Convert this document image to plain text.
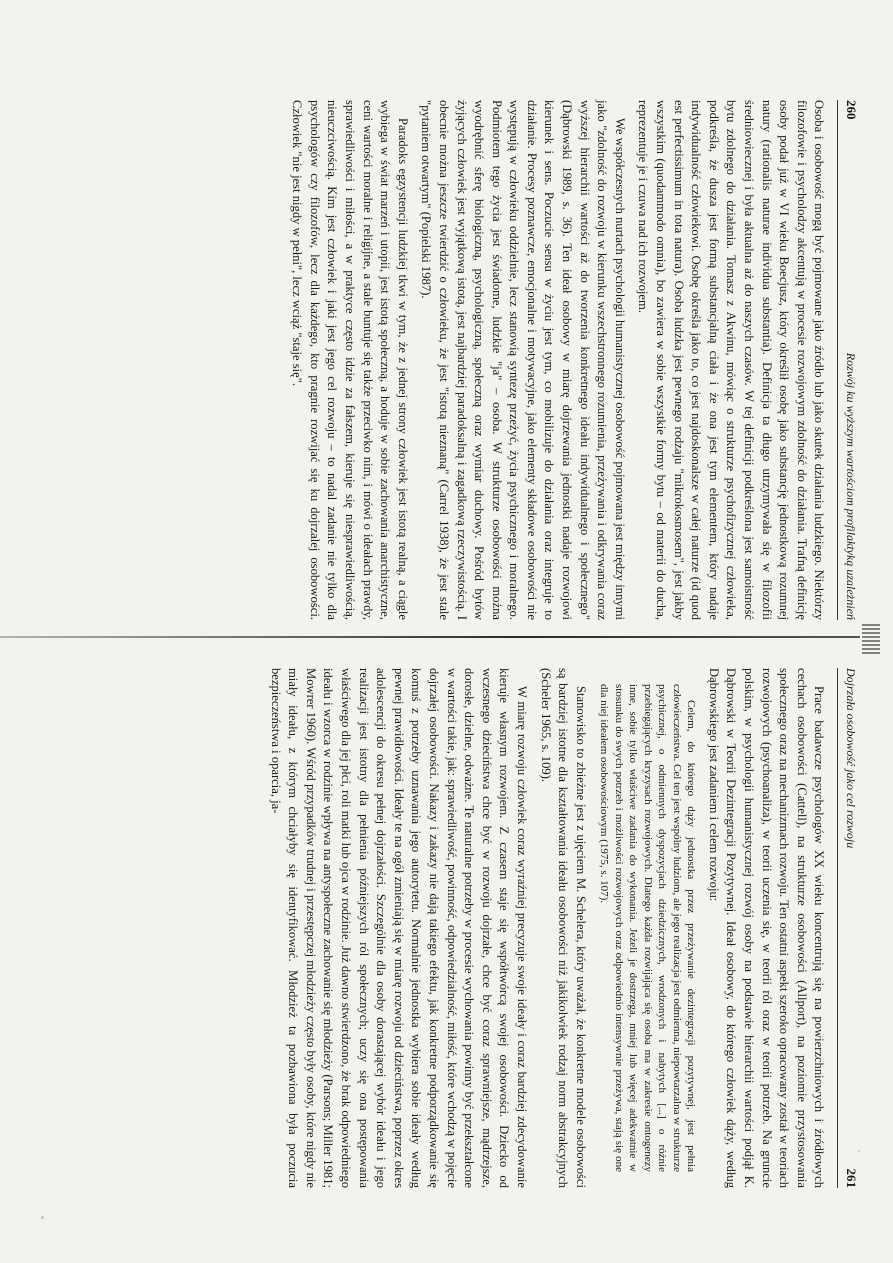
260
Rozwój ku wyższym wartościom profilaktyką uzależnień

Osoba i osobowość mogą być pojmowane jako źródło lub jako skutek działania ludzkiego. Niektórzy filozofowie i psycholodzy akcentują w procesie rozwojowym zdolność do działania. Trafną definicję osoby podał już w VI wieku Boecjusz, który określił osobę jako substancję jednostkową rozumnej natury (rationalis naturae individua substantia). Definicja ta długo utrzymywała się w filozofii średniowiecznej i była aktualna aż do naszych czasów. W tej definicji podkreślona jest samoistność bytu zdolnego do działania. Tomasz z Akwinu, mówiąc o strukturze psychofizycznej człowieka, podkreśla, że dusza jest formą substancjalną ciała i że ona jest tym elementem, który nadaje indywidualność człowiekowi. Osobę określa jako to, co jest najdoskonalsze w całej naturze (id quod est perfectissimum in tota natura). Osoba ludzka jest pewnego rodzaju "mikrokosmosem", jest jakby wszystkim (quodammodo omnia), bo zawiera w sobie wszystkie formy bytu – od materii do ducha, reprezentuje je i czuwa nad ich rozwojem.

We współczesnych nurtach psychologii humanistycznej osobowość pojmowana jest między innymi jako "zdolność do rozwoju w kierunku wszechstronnego rozumienia, przeżywania i odkrywania coraz wyższej hierarchii wartości aż do tworzenia konkretnego ideału indywidualnego i społecznego" (Dąbrowski 1989, s. 36). Ten ideał osobowy w miarę dojrzewania jednostki nadaje rozwojowi kierunek i sens. Poczucie sensu w życiu jest tym, co mobilizuje do działania oraz integruje to działanie. Procesy poznawcze, emocjonalne i motywacyjne, jako elementy składowe osobowości nie występują w człowieku oddzielnie, lecz stanowią syntezę przeżyć, życia psychicznego i moralnego. Podmiotem tego życia jest świadome, ludzkie "ja" – osoba. W strukturze osobowości można wyodrębnić sferę biologiczną, psychologiczną, społeczną oraz wymiar duchowy. Pośród bytów żyjących człowiek jest wyjątkową istotą, jest najbardziej paradoksalną i zagadkową rzeczywistością. I obecnie można jeszcze twierdzić o człowieku, że jest "istotą nieznaną" (Carrel 1938), że jest stale "pytaniem otwartym" (Popielski 1987).

Paradoks egzystencji ludzkiej tkwi w tym, że z jednej strony człowiek jest istotą realną, a ciągle wybiega w świat marzeń i utopii, jest istotą społeczną, a hoduje w sobie zachowania anarchistyczne, ceni wartości moralne i religijne, a stale buntuje się także przeciwko nim, i mówi o ideałach prawdy, sprawiedliwości i miłości, a w praktyce często idzie za fałszem, kieruje się niesprawiedliwością, nieuczciwością. Kim jest człowiek i jaki jest jego cel rozwoju – to nadal zadanie nie tylko dla psychologów czy filozofów, lecz dla każdego, kto pragnie rozwijać się ku dojrzalej osobowości. Człowiek "nie jest nigdy w pełni", lecz wciąż "staje się".

Dojrzała osobowość jako cel rozwoju
261

Prace badawcze psychologów XX wieku koncentrują się na powierzchniowych i źródłowych cechach osobowości (Cattell), na strukturze osobowości (Allport), na poziomie przystosowania społecznego oraz na mechanizmach rozwoju. Ten ostatni aspekt szeroko opracowany został w teoriach rozwojowych (psychoanaliza), w teorii uczenia się, w teorii ról oraz w teorii potrzeb. Na gruncie polskim, w psychologii humanistycznej rozwój osoby na podstawie hierarchii wartości podjął K. Dąbrowski w Teorii Dezintegracji Pozytywnej. Ideał osobowy, do którego człowiek dąży, według Dąbrowskiego jest zadaniem i celem rozwoju:

Celem, do którego dąży jednostka przez przeżywanie dezintegracji pozytywnej, jest pełnia człowieczeństwa. Cel ten jest wspólny ludziom, ale jego realizacja jest odmienna, niepowtarzalna w strukturze psychicznej, o odmiennych dyspozycjach dziedzicznych, wrodzonych i nabytych [...] o różnie przebiegających kryzysach rozwojowych. Dlatego każda rozwijająca się osoba ma w zakresie ontogenezy inne, sobie tylko właściwe zadania do wykonania. Jeżeli je dostrzega, mniej lub więcej adekwatnie w stosunku do swych potrzeb i możliwości rozwojowych oraz odpowiednio intensywnie przeżywa, stają się one dla niej ideałem osobowościowym (1975, s. 107).

Stanowisko to zbieżne jest z ujęciem M. Schelera, który uważał, że konkretne modele osobowości są bardziej istotne dla kształtowania ideału osobowości niż jakikolwiek rodzaj norm abstrakcyjnych (Scheler 1965, s. 109).

W miarę rozwoju człowiek coraz wyraźniej precyzuje swoje ideały i coraz bardziej zdecydowanie kieruje własnym rozwojem. Z czasem staje się współtwórcą swojej osobowości. Dziecko od wczesnego dzieciństwa chce być w rozwoju dojrzałe, chce być coraz sprawniejsze, mądrzejsze, dorosłe, dzielne, odważne. Te naturalne potrzeby w procesie wychowania powinny być przekształcone w wartości takie, jak: sprawiedliwość, powinność, odpowiedzialność, miłość, które wchodzą w pojęcie dojrzałej osobowości. Nakazy i zakazy nie dają takiego efektu, jak konkretne podporządkowanie się komuś z potrzeby uznawania jego autorytetu. Normalnie jednostka wybiera sobie ideały według pewnej prawidłowości. Ideały te na ogół zmieniają się w miarę rozwoju od dzieciństwa, poprzez okres adolescencji do okresu pełnej dojrzałości. Szczególnie dla osoby dorastającej wybór ideału i jego realizacji jest istotny dla pełnienia późniejszych ról społecznych; uczy się ona postępowania właściwego dla jej płci, roli matki lub ojca w rodzinie. Już dawno stwierdzono, że brak odpowiedniego ideału i wzorca w rodzinie wpływa na antyspołeczne zachowanie się młodzieży (Parsons; Miller 1981; Mowrer 1960). Wśród przypadków trudnej i przestępczej młodzieży często były osoby, które nigdy nie miały ideału, z którym chciałyby się identyfikować. Młodzież ta pozbawiona była poczucia bezpieczeństwa i oparcia, ja-
